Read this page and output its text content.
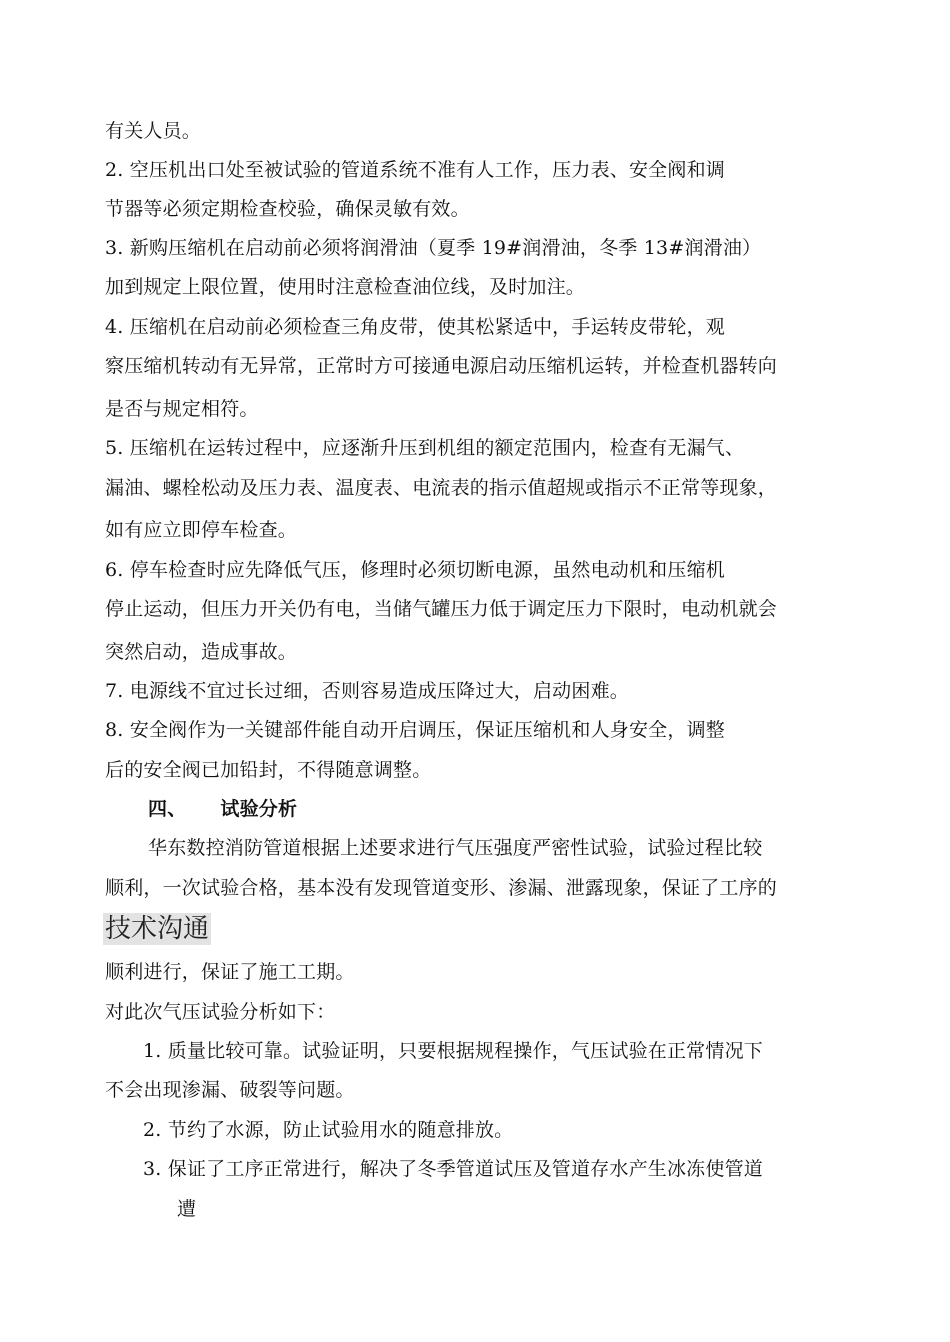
有关人员。
2. 空压机出口处至被试验的管道系统不准有人工作，压力表、安全阀和调
节器等必须定期检查校验，确保灵敏有效。
3. 新购压缩机在启动前必须将润滑油（夏季 19#润滑油，冬季 13#润滑油）
加到规定上限位置，使用时注意检查油位线，及时加注。
4. 压缩机在启动前必须检查三角皮带，使其松紧适中，手运转皮带轮，观
察压缩机转动有无异常，正常时方可接通电源启动压缩机运转，并检查机器转向
是否与规定相符。
5. 压缩机在运转过程中，应逐渐升压到机组的额定范围内，检查有无漏气、
漏油、螺栓松动及压力表、温度表、电流表的指示值超规或指示不正常等现象，
如有应立即停车检查。
6. 停车检查时应先降低气压，修理时必须切断电源，虽然电动机和压缩机
停止运动，但压力开关仍有电，当储气罐压力低于调定压力下限时，电动机就会
突然启动，造成事故。
7. 电源线不宜过长过细，否则容易造成压降过大，启动困难。
8. 安全阀作为一关键部件能自动开启调压，保证压缩机和人身安全，调整
后的安全阀已加铅封，不得随意调整。
四、 试验分析
华东数控消防管道根据上述要求进行气压强度严密性试验，试验过程比较
顺利，一次试验合格，基本没有发现管道变形、渗漏、泄露现象，保证了工序的
技术沟通
顺利进行，保证了施工工期。
对此次气压试验分析如下：
1. 质量比较可靠。试验证明，只要根据规程操作，气压试验在正常情况下
不会出现渗漏、破裂等问题。
2. 节约了水源，防止试验用水的随意排放。
3. 保证了工序正常进行，解决了冬季管道试压及管道存水产生冰冻使管道
遭
